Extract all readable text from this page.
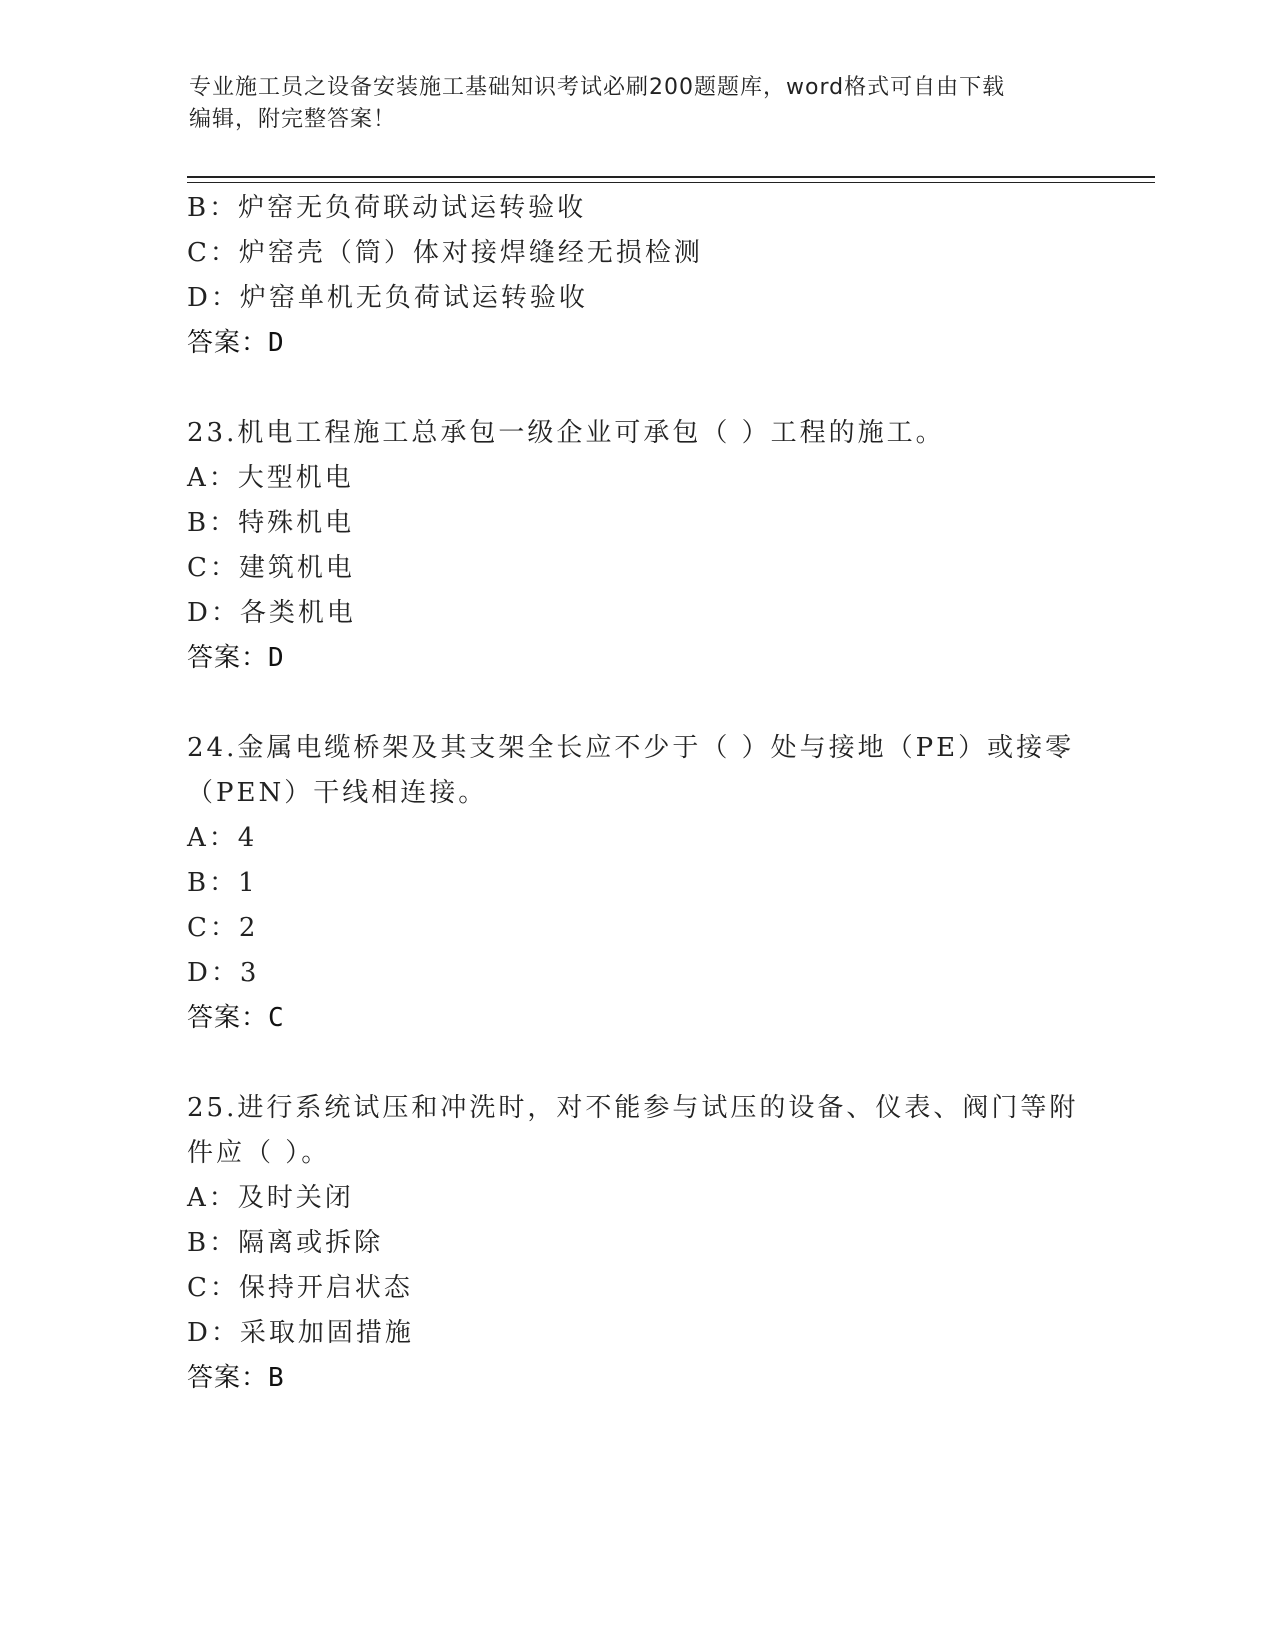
专业施工员之设备安装施工基础知识考试必刷200题题库，word格式可自由下载
编辑，附完整答案！
B：炉窑无负荷联动试运转验收
C：炉窑壳（筒）体对接焊缝经无损检测
D：炉窑单机无负荷试运转验收
答案：D
23.机电工程施工总承包一级企业可承包（ ）工程的施工。
A：大型机电
B：特殊机电
C：建筑机电
D：各类机电
答案：D
24.金属电缆桥架及其支架全长应不少于（ ）处与接地（PE）或接零
（PEN）干线相连接。
A：4
B：1
C：2
D：3
答案：C
25.进行系统试压和冲洗时，对不能参与试压的设备、仪表、阀门等附
件应（ ）。
A：及时关闭
B：隔离或拆除
C：保持开启状态
D：采取加固措施
答案：B
